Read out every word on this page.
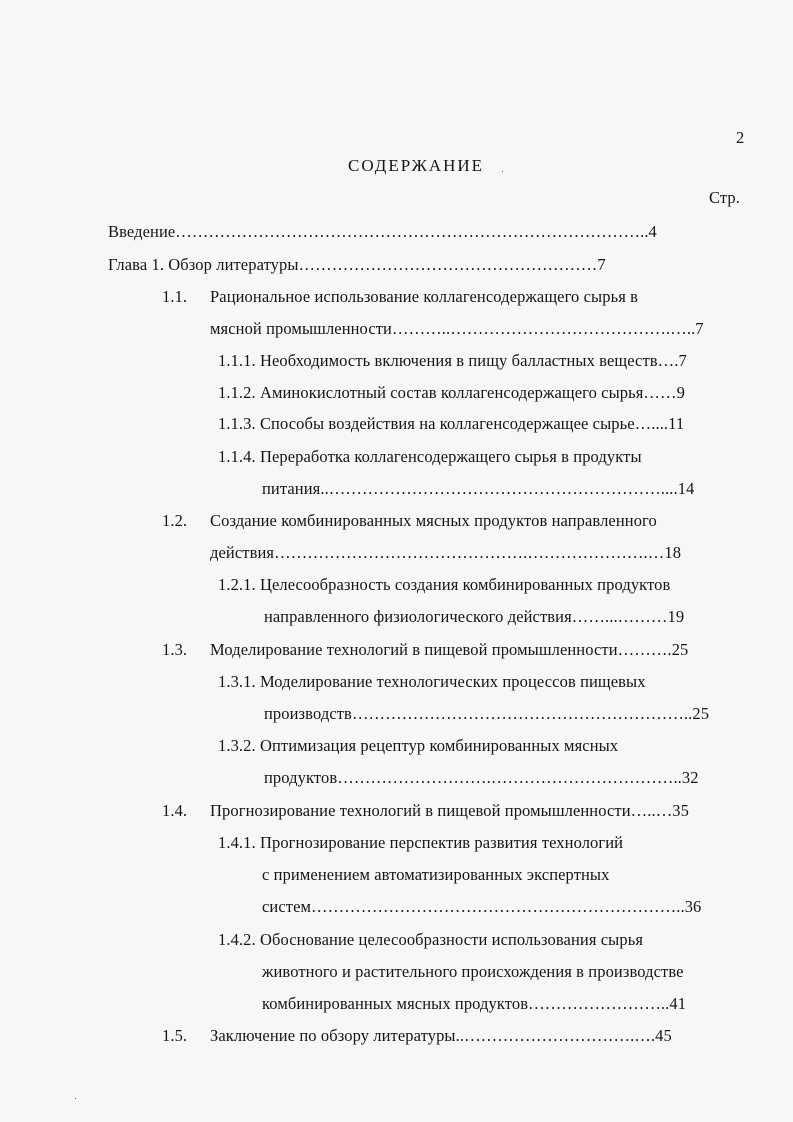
2
СОДЕРЖАНИЕ
Стр.
Введение…………………………………………………………………………..4
Глава 1. Обзор литературы………………………………………………7
1.1. Рациональное использование коллагенсодержащего сырья в
мясной промышленности………..………………………………….…..7
1.1.1. Необходимость включения в пищу балластных веществ….7
1.1.2. Аминокислотный состав коллагенсодержащего сырья……9
1.1.3. Способы воздействия на коллагенсодержащее сырье…....11
1.1.4. Переработка коллагенсодержащего сырья в продукты
питания..……………………………………………………....14
1.2. Создание комбинированных мясных продуктов направленного
действия……………………………………….………………….…18
1.2.1. Целесообразность создания комбинированных продуктов
направленного физиологического действия……...………19
1.3. Моделирование технологий в пищевой промышленности……….25
1.3.1. Моделирование технологических процессов пищевых
производств……………………………………………………..25
1.3.2. Оптимизация рецептур комбинированных мясных
продуктов……………………….……………………………..32
1.4. Прогнозирование технологий в пищевой промышленности…..…35
1.4.1. Прогнозирование перспектив развития технологий
с применением автоматизированных экспертных
систем…………………………………………………………..36
1.4.2. Обоснование целесообразности использования сырья
животного и растительного происхождения в производстве
комбинированных мясных продуктов……………………..41
1.5. Заключение по обзору литературы..………………………….….45
